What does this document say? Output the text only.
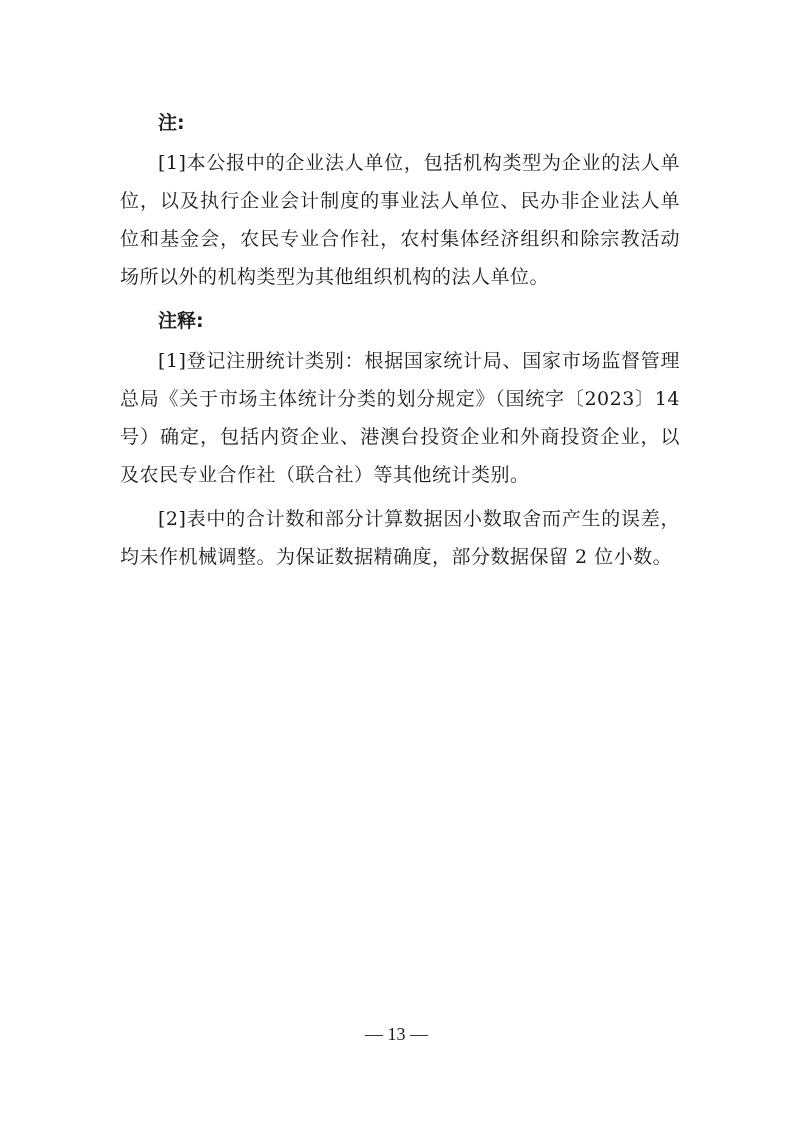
注:

[1]本公报中的企业法人单位，包括机构类型为企业的法人单位，以及执行企业会计制度的事业法人单位、民办非企业法人单位和基金会，农民专业合作社，农村集体经济组织和除宗教活动场所以外的机构类型为其他组织机构的法人单位。

注释:

[1]登记注册统计类别：根据国家统计局、国家市场监督管理总局《关于市场主体统计分类的划分规定》（国统字〔2023〕14 号）确定，包括内资企业、港澳台投资企业和外商投资企业，以及农民专业合作社（联合社）等其他统计类别。

[2]表中的合计数和部分计算数据因小数取舍而产生的误差，均未作机械调整。为保证数据精确度，部分数据保留 2 位小数。

— 13 —
